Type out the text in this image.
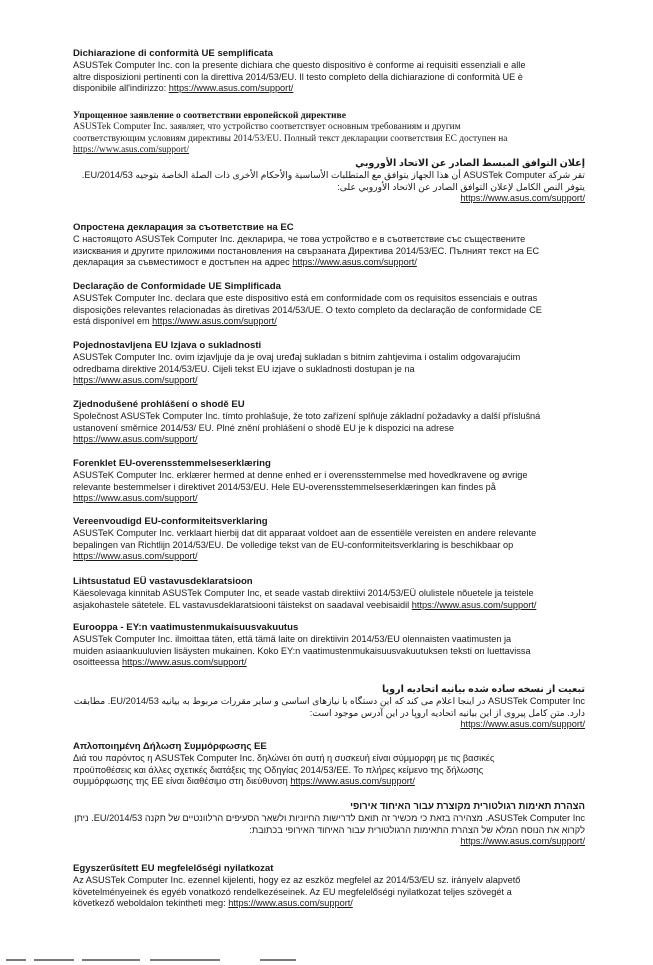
Dichiarazione di conformità UE semplificata

ASUSTek Computer Inc. con la presente dichiara che questo dispositivo è conforme ai requisiti essenziali e alle
altre disposizioni pertinenti con la direttiva 2014/53/EU. Il testo completo della dichiarazione di conformità UE è
disponibile all'indirizzo: https://www.asus.com/support/

Упрощенное заявление о соответствии европейской директиве

ASUSTek Computer Inc. заявляет, что устройство соответствует основным требованиям и другим
соответствующим условиям директивы 2014/53/EU. Полный текст декларации соответствия ЕС доступен на
https://www.asus.com/support/

إعلان التوافق المبسط الصادر عن الاتحاد الأوروبي

تقر شركة ASUSTek Computer أن هذا الجهاز يتوافق مع المتطلبات الأساسية والأحكام الأخرى ذات الصلة الخاصة بتوجيه 2014/53/EU. يتوفر النص الكامل لإعلان التوافق الصادر عن الاتحاد الأوروبي على:

https://www.asus.com/support/

Опростена декларация за съответствие на ЕС

С настоящото ASUSTek Computer Inc. декларира, че това устройство е в съответствие със съществените
изисквания и другите приложими постановления на свързаната Директива 2014/53/ЕС. Пълният текст на ЕС
декларация за съвместимост е достъпен на адрес https://www.asus.com/support/

Declaração de Conformidade UE Simplificada

ASUSTek Computer Inc. declara que este dispositivo está em conformidade com os requisitos essenciais e outras
disposições relevantes relacionadas às diretivas 2014/53/UE. O texto completo da declaração de conformidade CE
está disponível em https://www.asus.com/support/

Pojednostavljena EU Izjava o sukladnosti

ASUSTek Computer Inc. ovim izjavljuje da je ovaj uređaj sukladan s bitnim zahtjevima i ostalim odgovarajućim
odredbama direktive 2014/53/EU. Cijeli tekst EU izjave o sukladnosti dostupan je na
https://www.asus.com/support/

Zjednodušené prohlášení o shodě EU

Společnost ASUSTek Computer Inc. tímto prohlašuje, že toto zařízení splňuje základní požadavky a další příslušná
ustanovení směrnice 2014/53/ EU. Plné znění prohlášení o shodě EU je k dispozici na adrese
https://www.asus.com/support/

Forenklet EU-overensstemmelseserklæring

ASUSTeK Computer Inc. erklærer hermed at denne enhed er i overensstemmelse med hovedkravene og øvrige
relevante bestemmelser i direktivet 2014/53/EU. Hele EU-overensstemmelseserklæringen kan findes på
https://www.asus.com/support/

Vereenvoudigd EU-conformiteitsverklaring

ASUSTeK Computer Inc. verklaart hierbij dat dit apparaat voldoet aan de essentiële vereisten en andere relevante
bepalingen van Richtlijn 2014/53/EU. De volledige tekst van de EU-conformiteitsverklaring is beschikbaar op
https://www.asus.com/support/

Lihtsustatud EÜ vastavusdeklaratsioon

Käesolevaga kinnitab ASUSTek Computer Inc, et seade vastab direktiivi 2014/53/EÜ olulistele nõuetele ja teistele
asjakohastele sätetele. EL vastavusdeklaratsiooni täistekst on saadaval veebisaidil https://www.asus.com/support/

Eurooppa - EY:n vaatimustenmukaisuusvakuutus

ASUSTek Computer Inc. ilmoittaa täten, että tämä laite on direktiivin 2014/53/EU olennaisten vaatimusten ja
muiden asiaankuuluvien lisäysten mukainen. Koko EY:n vaatimustenmukaisuusvakuutuksen teksti on luettavissa
osoitteessa https://www.asus.com/support/

تبعیت از نسخه ساده شده بیانیه اتحادیه اروپا

ASUSTek Computer Inc در اینجا اعلام می کند که این دستگاه با نیازهای اساسی و سایر مقررات مربوط به بیانیه 2014/53/EU. مطابقت دارد. متن کامل پیروی از این بیانیه اتحادیه اروپا در این آدرس موجود است:

https://www.asus.com/support/

Απλοποιημένη Δήλωση Συμμόρφωσης ΕΕ

Διά του παρόντος η ASUSTek Computer Inc. δηλώνει ότι αυτή η συσκευή είναι σύμμορφη με τις βασικές
προϋποθέσεις και άλλες σχετικές διατάξεις της Οδηγίας 2014/53/ΕΕ. Το πλήρες κείμενο της δήλωσης
συμμόρφωσης της ΕΕ είναι διαθέσιμο στη διεύθυνση https://www.asus.com/support/

הצהרת תאימות רגולטורית מקוצרת עבור האיחוד אירופי

ASUSTek Computer Inc. מצהירה בזאת כי מכשיר זה תואם לדרישות החיוניות ולשאר הסעיפים הרלוונטיים של תקנה 2014/53/EU. ניתן לקרוא את הנוסח המלא של הצהרת התאימות הרגולטורית עבור האיחוד האירופי בכתובת:

https://www.asus.com/support/

Egyszerűsített EU megfelelőségi nyilatkozat

Az ASUSTek Computer Inc. ezennel kijelenti, hogy ez az eszköz megfelel az 2014/53/EU sz. irányelv alapvető
követelményeinek és egyéb vonatkozó rendelkezéseinek. Az EU megfelelőségi nyilatkozat teljes szövegét a
következő weboldalon tekintheti meg: https://www.asus.com/support/
